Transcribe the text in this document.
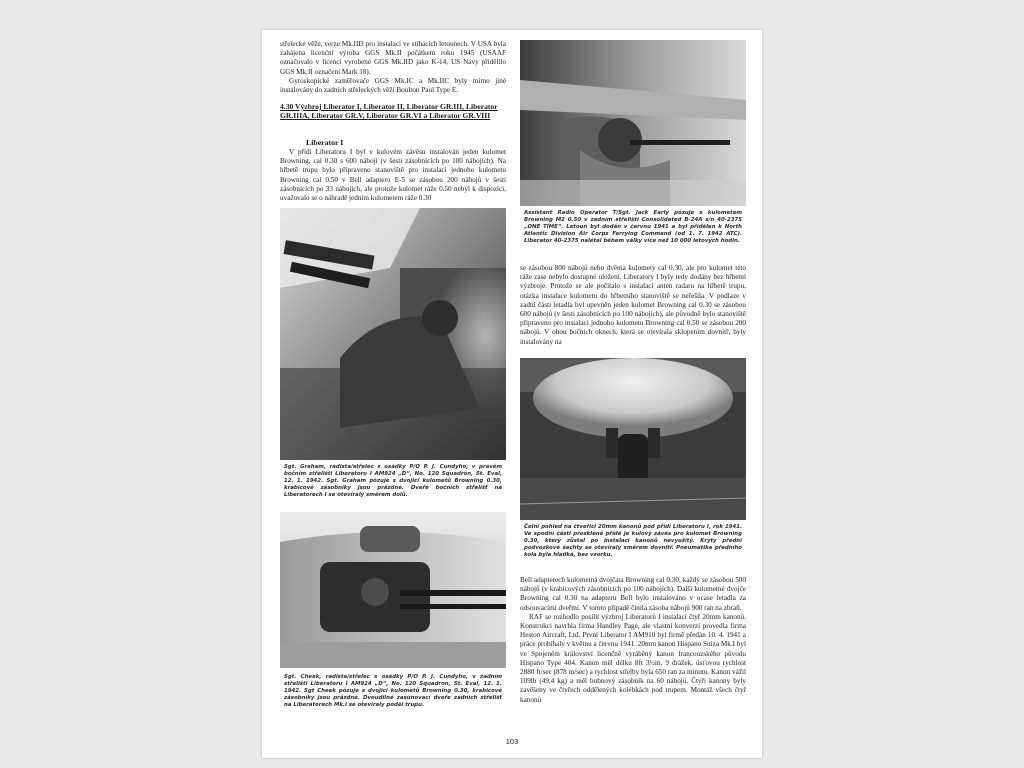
střelecké věže, verze Mk.IID pro instalaci ve stíhacích letounech. V USA byla zahájena licenční výroba GGS Mk.II počátkem roku 1945 (USAAF označovalo v licenci vyrobené GGS Mk.IID jako K-14, US Navy přidělilo GGS Mk.II označení Mark 18).

Gyroskopické zaměřovače GGS Mk.IC a Mk.IIC byly mimo jiné instalovány do zadních střeleckých věží Boulton Paul Type E.

4.30 Výzbroj Liberator I, Liberator II, Liberator GR.III, Liberator GR.IIIA, Liberator GR.V, Liberator GR.VI a Liberator GR.VIII

Liberator I

V přídi Liberatoru I byl v kulovém závěsu instalován jeden kulomet Browning, cal 0.30 s 600 náboji (v šesti zásobnících po 100 nábojích). Na hřbetě trupu bylo připraveno stanoviště pro instalaci jednoho kulometu Browning cal 0.50 v Bell adapteru E-5 se zásobou 200 nábojů v šesti zásobnících po 33 nábojích, ale protože kulomet ráže 0.50 nebyl k dispozici, uvažovalo se o náhradě jedním kulometem ráže 0.30

Sgt. Graham, radista/střelec s osádky P/O P. J. Cundyho, v pravém bočním střelišti Liberatoru I AM924 „D“, No. 120 Squadron, St. Eval, 12. 1. 1942. Sgt. Graham pózuje s dvojicí kulometů Browning 0.30, krabicové zásobníky jsou prázdné. Dveře bočních střelišť na Liberatorech I se otevíraly směrem dolů.

Sgt. Cheek, radista/střelec s osádky P/O P. J. Cundyho, v zadním střelišti Liberatoru I AM924 „D“, No. 120 Squadron, St. Eval, 12. 1. 1942. Sgt Cheek pózuje s dvojicí kulometů Browning 0.30, krabicové zásobníky jsou prázdné. Dvoudílné zasunovací dveře zadních střelišť na Liberatorech Mk.I se otevíraly podél trupu.

Assistant Radio Operator T/Sgt. Jack Early pózuje s kulometem Browning M2 0.50 v zadním střelišti Consolidated B-24A s/n 40-2375 „ONE TIME“. Letoun byl dodán v červnu 1941 a byl přidělen k North Atlantic Division Air Corps Ferrying Command (od 1. 7. 1942 ATC). Liberator 40-2375 nalétal během války více než 10 000 letových hodin.

se zásobou 800 nábojů nebo dvěma kulomety cal 0.30, ale pro kulomet této ráže zase nebylo dostupné uložení. Liberatory I byly tedy dodány bez hřbetní výzbroje. Protože se ale počítalo s instalací antén radaru na hřbetě trupu, otázka instalace kulometu do hřbetního stanoviště se neřešila. V podlaze v zadní části letadla byl upevněn jeden kulomet Browning cal 0.30 se zásobou 600 nábojů (v šesti zásobnících po 100 nábojích), ale původně bylo stanoviště připraveno pro instalaci jednoho kulometu Browning cal 0.50 se zásobou 200 nábojů. V obou bočních oknech, která se otevírala sklopením dovnitř, byly instalovány na

Čelní pohled na čtveřici 20mm kanonů pod přídí Liberatoru I, rok 1941. Ve spodní části proskleně přídě je kulový závěs pro kulomet Browning 0.30, který zůstal po instalaci kanonů nevyužitý. Kryty přední podvozkové šachty se otevíraly směrem dovnitř. Pneumatika předního kola byla hladká, bez vzorku.

Bell adapterech kulometná dvojčata Browning cal 0.30, každý se zásobou 500 nábojů (v krabicových zásobnících po 100 nábojích). Další kulometné dvojče Browning cal 0.30 na adapteru Bell bylo instalováno v ocase letadla za odsouvacími dveřmi. V tomto případě činila zásoba nábojů 900 ran na zbraň.

RAF se rozhodlo posílit výzbroj Liberatorů I instalací čtyř 20mm kanonů. Konstrukci navrhla firma Handley Page, ale vlastní konverzi provedla firma Heston Aircraft, Ltd. První Liberator I AM910 byl firmě předán 10. 4. 1941 a práce probíhaly v květnu a červnu 1941. 20mm kanon Hispano Suiza Mk.I byl ve Spojeném království licenčně vyráběný kanon francouzského původu Hispano Type 404. Kanon měl délku 8ft 3½in, 9 drážek, úsťovou rychlost 2880 ft/sec (878 m/sec) a rychlost střelby byla 650 ran za minutu. Kanon vážil 109lb (49,4 kg) a měl bubnový zásobník na 60 nábojů. Čtyři kanony byly zavěšeny ve čtyřech oddělených kolébkách pod trupem. Montáž všech čtyř kanonů

103
